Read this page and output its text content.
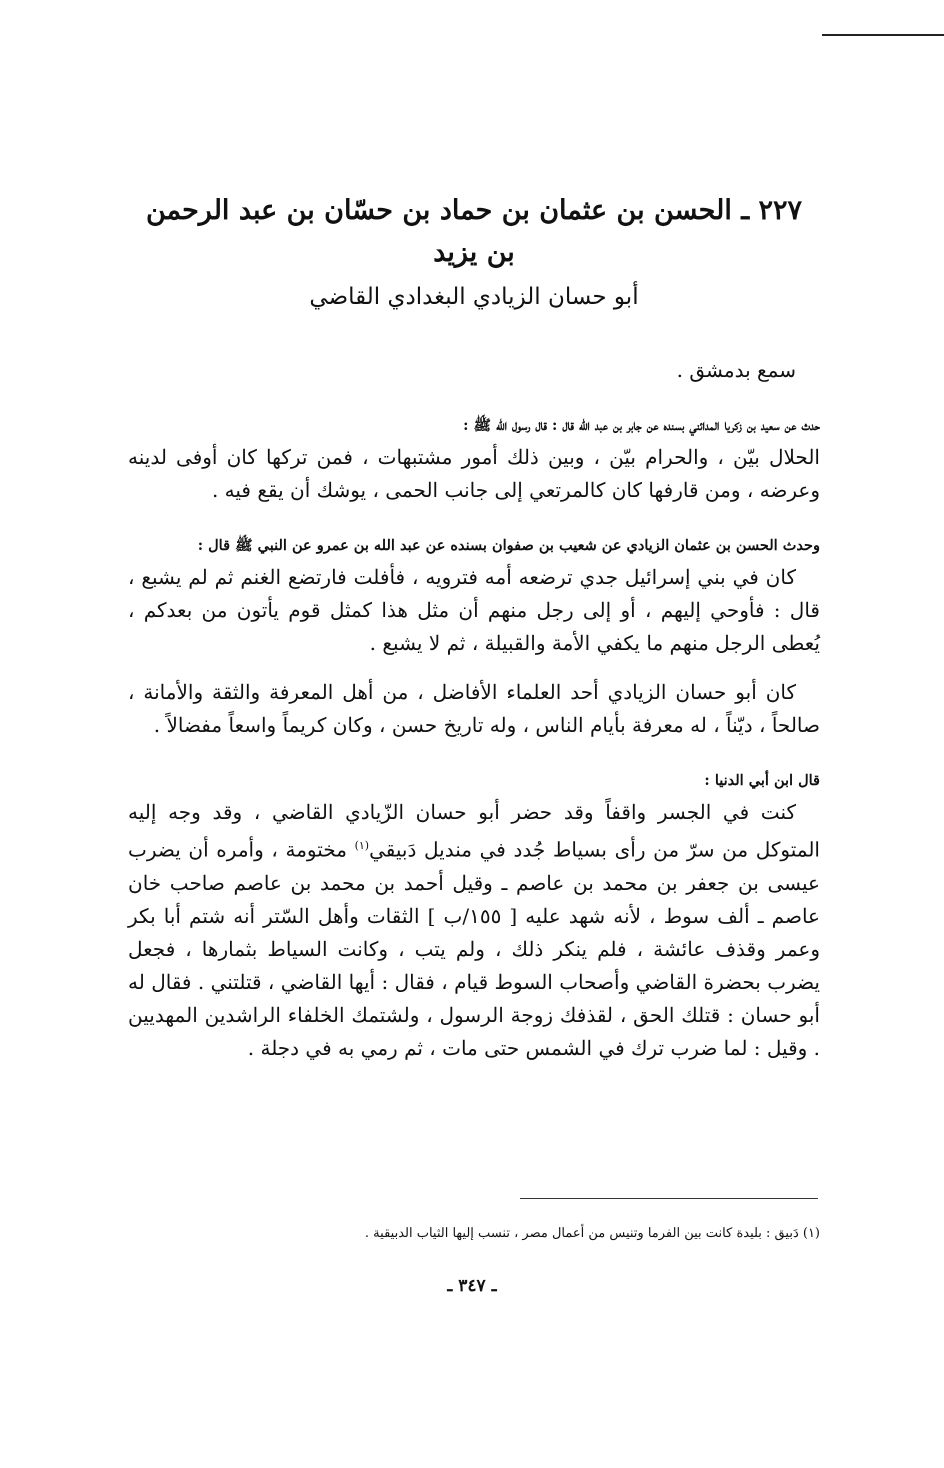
٢٢٧ ـ الحسن بن عثمان بن حماد بن حسّان بن عبد الرحمن بن يزيد
أبو حسان الزيادي البغدادي القاضي

سمع بدمشق .

حدث عن سعيد بن زكريا المدائني بسنده عن جابر بن عبد الله قال : قال رسول الله ﷺ :

الحلال بيّن ، والحرام بيّن ، وبين ذلك أمور مشتبهات ، فمن تركها كان أوفى لدينه وعرضه ، ومن قارفها كان كالمرتعي إلى جانب الحمى ، يوشك أن يقع فيه .

وحدث الحسن بن عثمان الزيادي عن شعيب بن صفوان بسنده عن عبد الله بن عمرو عن النبي ﷺ قال :

كان في بني إسرائيل جدي ترضعه أمه فترويه ، فأفلت فارتضع الغنم ثم لم يشبع ، قال : فأوحي إليهم ، أو إلى رجل منهم أن مثل هذا كمثل قوم يأتون من بعدكم ، يُعطى الرجل منهم ما يكفي الأمة والقبيلة ، ثم لا يشبع .

كان أبو حسان الزيادي أحد العلماء الأفاضل ، من أهل المعرفة والثقة والأمانة ، صالحاً ، ديّناً ، له معرفة بأيام الناس ، وله تاريخ حسن ، وكان كريماً واسعاً مفضالاً .

قال ابن أبي الدنيا :

كنت في الجسر واقفاً وقد حضر أبو حسان الزّيادي القاضي ، وقد وجه إليه المتوكل من سرّ من رأى بسياط جُدد في منديل دَبيقي$^{(١)}$ مختومة ، وأمره أن يضرب عيسى بن جعفر بن محمد بن عاصم ـ وقيل أحمد بن محمد بن عاصم صاحب خان عاصم ـ ألف سوط ، لأنه شهد عليه [ ١٥٥/ب ] الثقات وأهل السّتر أنه شتم أبا بكر وعمر وقذف عائشة ، فلم ينكر ذلك ، ولم يتب ، وكانت السياط بثمارها ، فجعل يضرب بحضرة القاضي وأصحاب السوط قيام ، فقال : أيها القاضي ، قتلتني . فقال له أبو حسان : قتلك الحق ، لقذفك زوجة الرسول ، ولشتمك الخلفاء الراشدين المهديين . وقيل : لما ضرب ترك في الشمس حتى مات ، ثم رمي به في دجلة .

(١) دَبيق : بليدة كانت بين الفرما وتنيس من أعمال مصر ، تنسب إليها الثياب الدبيقية .
ـ ٣٤٧ ـ
